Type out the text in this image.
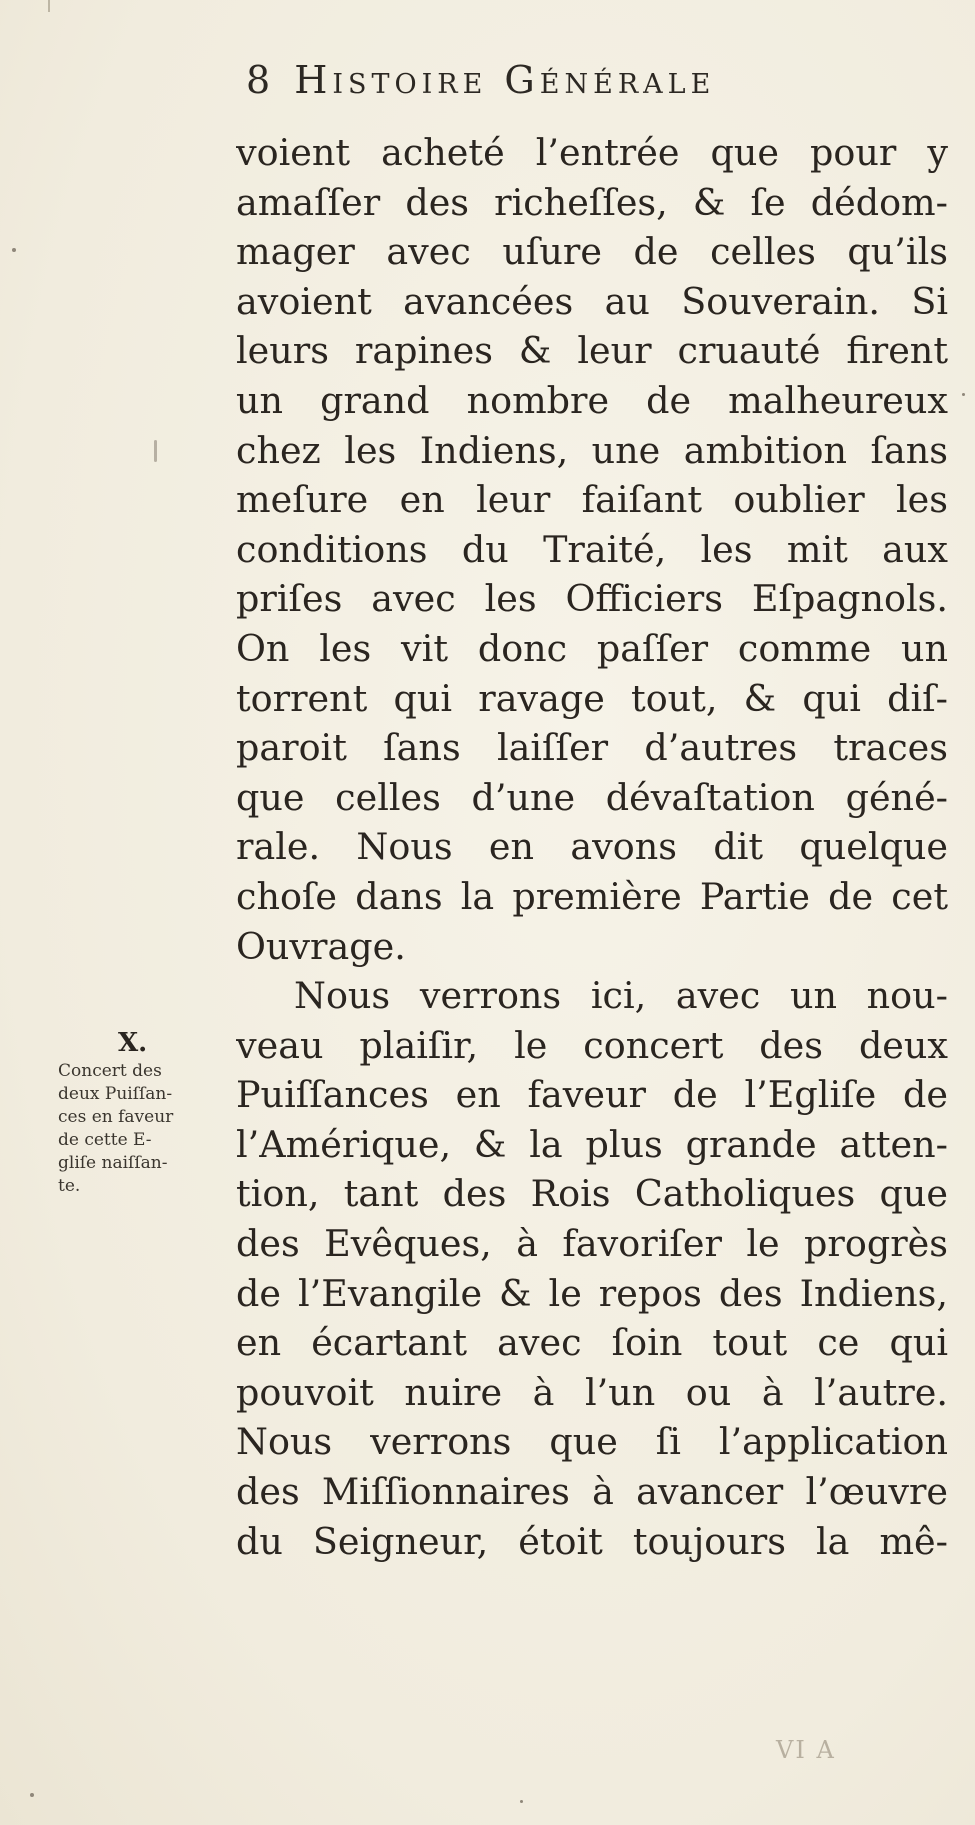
8 Histoire Générale
voient acheté l’entrée que pour y
amaſſer des richeſſes, & ſe dédom-
mager avec uſure de celles qu’ils
avoient avancées au Souverain. Si
leurs rapines & leur cruauté firent
un grand nombre de malheureux
chez les Indiens, une ambition ſans
meſure en leur faiſant oublier les
conditions du Traité, les mit aux
priſes avec les Officiers Eſpagnols.
On les vit donc paſſer comme un
torrent qui ravage tout, & qui diſ-
paroit ſans laiſſer d’autres traces
que celles d’une dévaſtation géné-
rale. Nous en avons dit quelque
choſe dans la première Partie de cet
Ouvrage.
Nous verrons ici, avec un nou-
veau plaiſir, le concert des deux
Puiſſances en faveur de l’Egliſe de
l’Amérique, & la plus grande atten-
tion, tant des Rois Catholiques que
des Evêques, à favoriſer le progrès
de l’Evangile & le repos des Indiens,
en écartant avec ſoin tout ce qui
pouvoit nuire à l’un ou à l’autre.
Nous verrons que ſi l’application
des Miſſionnaires à avancer l’œuvre
du Seigneur, étoit toujours la mê-
X.
Concert des
deux Puiſſan-
ces en faveur
de cette E-
gliſe naiſſan-
te.
VI A
